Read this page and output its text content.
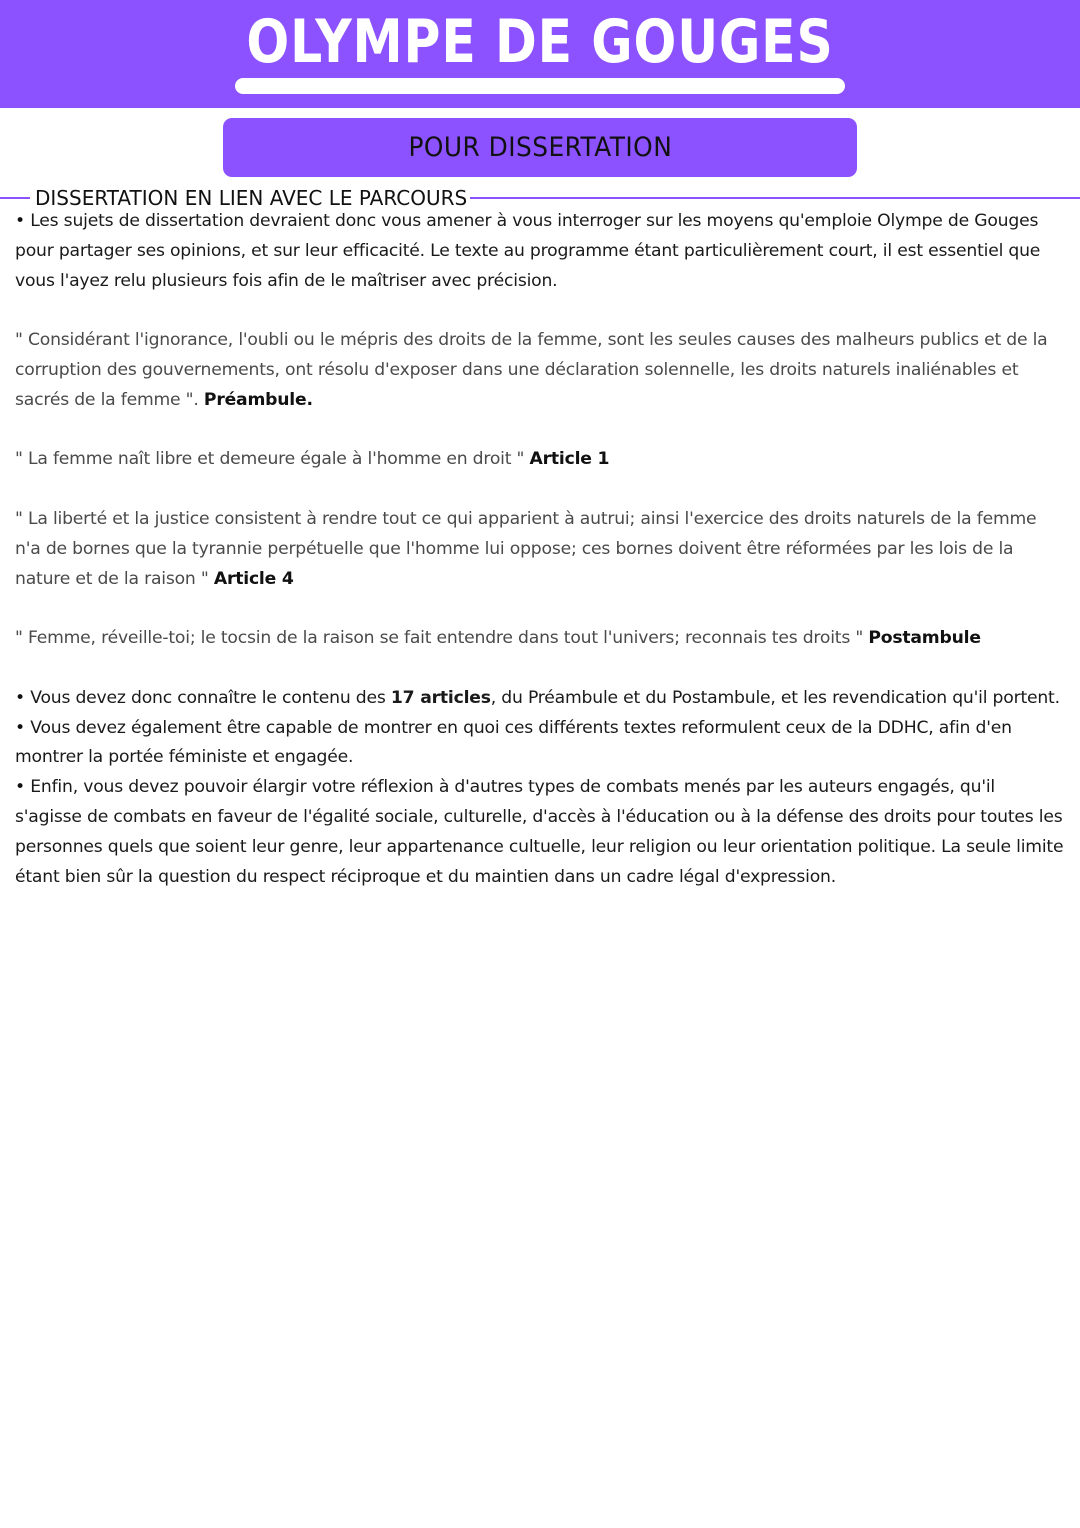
OLYMPE DE GOUGES
POUR DISSERTATION
DISSERTATION EN LIEN AVEC LE PARCOURS

• Les sujets de dissertation devraient donc vous amener à vous interroger sur les moyens qu'emploie Olympe de Gouges pour partager ses opinions, et sur leur efficacité. Le texte au programme étant particulièrement court, il est essentiel que vous l'ayez relu plusieurs fois afin de le maîtriser avec précision.

" Considérant l'ignorance, l'oubli ou le mépris des droits de la femme, sont les seules causes des malheurs publics et de la corruption des gouvernements, ont résolu d'exposer dans une déclaration solennelle, les droits naturels inaliénables et sacrés de la femme ". Préambule.

" La femme naît libre et demeure égale à l'homme en droit " Article 1

" La liberté et la justice consistent à rendre tout ce qui apparient à autrui; ainsi l'exercice des droits naturels de la femme n'a de bornes que la tyrannie perpétuelle que l'homme lui oppose; ces bornes doivent être réformées par les lois de la nature et de la raison " Article 4

" Femme, réveille-toi; le tocsin de la raison se fait entendre dans tout l'univers; reconnais tes droits " Postambule

• Vous devez donc connaître le contenu des 17 articles, du Préambule et du Postambule, et les revendication qu'il portent.

• Vous devez également être capable de montrer en quoi ces différents textes reformulent ceux de la DDHC, afin d'en montrer la portée féministe et engagée.

• Enfin, vous devez pouvoir élargir votre réflexion à d'autres types de combats menés par les auteurs engagés, qu'il s'agisse de combats en faveur de l'égalité sociale, culturelle, d'accès à l'éducation ou à la défense des droits pour toutes les personnes quels que soient leur genre, leur appartenance cultuelle, leur religion ou leur orientation politique. La seule limite étant bien sûr la question du respect réciproque et du maintien dans un cadre légal d'expression.
